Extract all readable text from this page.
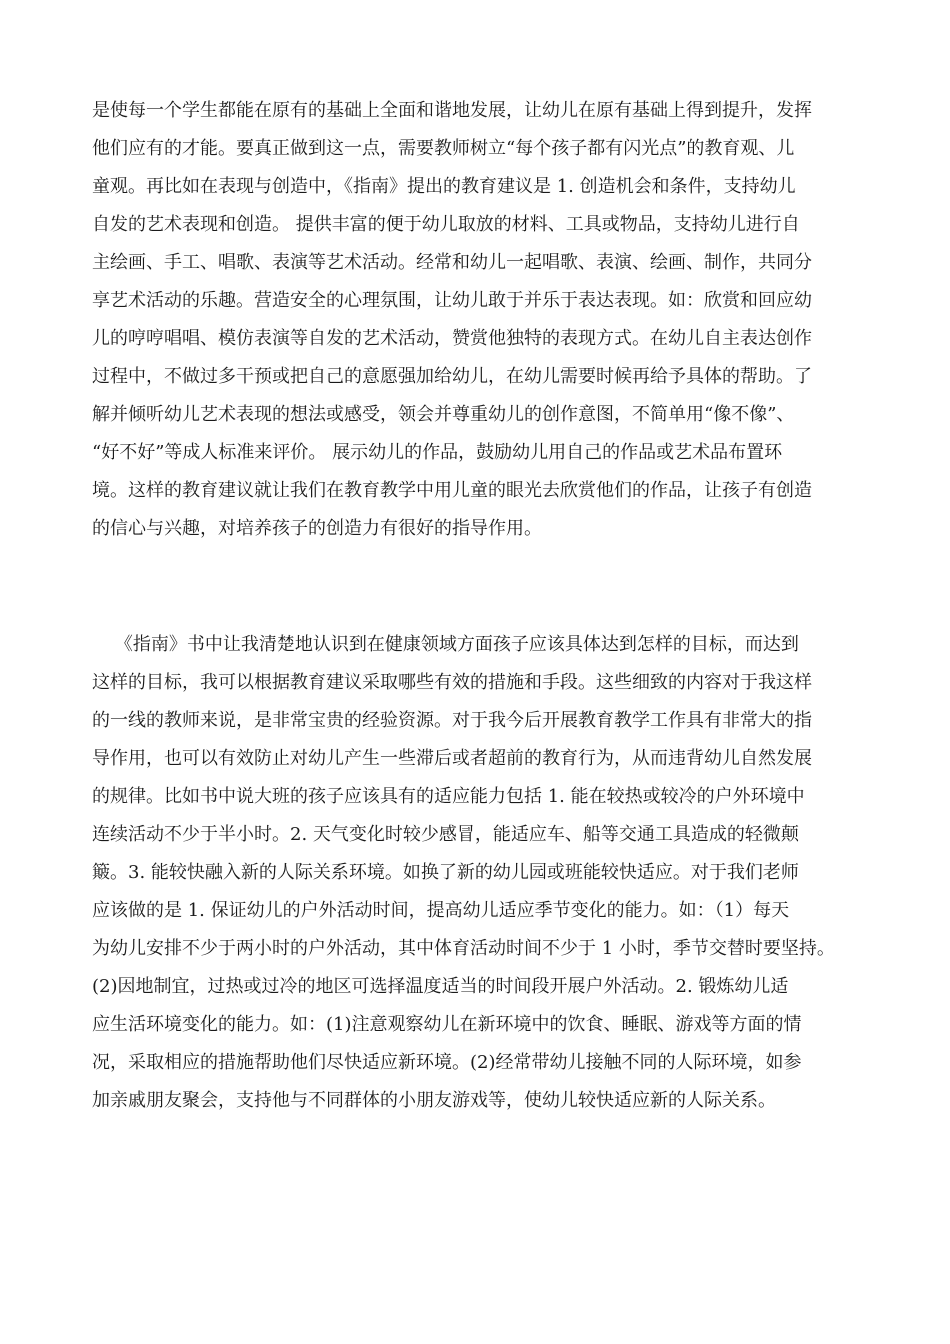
是使每一个学生都能在原有的基础上全面和谐地发展，让幼儿在原有基础上得到提升，发挥
他们应有的才能。要真正做到这一点，需要教师树立“每个孩子都有闪光点”的教育观、儿
童观。再比如在表现与创造中，《指南》提出的教育建议是 1. 创造机会和条件，支持幼儿
自发的艺术表现和创造。 提供丰富的便于幼儿取放的材料、工具或物品，支持幼儿进行自
主绘画、手工、唱歌、表演等艺术活动。经常和幼儿一起唱歌、表演、绘画、制作，共同分
享艺术活动的乐趣。营造安全的心理氛围，让幼儿敢于并乐于表达表现。如：欣赏和回应幼
儿的哼哼唱唱、模仿表演等自发的艺术活动，赞赏他独特的表现方式。在幼儿自主表达创作
过程中，不做过多干预或把自己的意愿强加给幼儿，在幼儿需要时候再给予具体的帮助。了
解并倾听幼儿艺术表现的想法或感受，领会并尊重幼儿的创作意图，不简单用“像不像”、
“好不好”等成人标准来评价。 展示幼儿的作品，鼓励幼儿用自己的作品或艺术品布置环
境。这样的教育建议就让我们在教育教学中用儿童的眼光去欣赏他们的作品，让孩子有创造
的信心与兴趣，对培养孩子的创造力有很好的指导作用。
《指南》书中让我清楚地认识到在健康领域方面孩子应该具体达到怎样的目标，而达到
这样的目标，我可以根据教育建议采取哪些有效的措施和手段。这些细致的内容对于我这样
的一线的教师来说，是非常宝贵的经验资源。对于我今后开展教育教学工作具有非常大的指
导作用，也可以有效防止对幼儿产生一些滞后或者超前的教育行为，从而违背幼儿自然发展
的规律。比如书中说大班的孩子应该具有的适应能力包括 1. 能在较热或较冷的户外环境中
连续活动不少于半小时。2. 天气变化时较少感冒，能适应车、船等交通工具造成的轻微颠
簸。3. 能较快融入新的人际关系环境。如换了新的幼儿园或班能较快适应。对于我们老师
应该做的是 1. 保证幼儿的户外活动时间，提高幼儿适应季节变化的能力。如：（1）每天
为幼儿安排不少于两小时的户外活动，其中体育活动时间不少于 1 小时，季节交替时要坚持。
(2)因地制宜，过热或过冷的地区可选择温度适当的时间段开展户外活动。2. 锻炼幼儿适
应生活环境变化的能力。如：(1)注意观察幼儿在新环境中的饮食、睡眠、游戏等方面的情
况，采取相应的措施帮助他们尽快适应新环境。(2)经常带幼儿接触不同的人际环境，如参
加亲戚朋友聚会，支持他与不同群体的小朋友游戏等，使幼儿较快适应新的人际关系。
